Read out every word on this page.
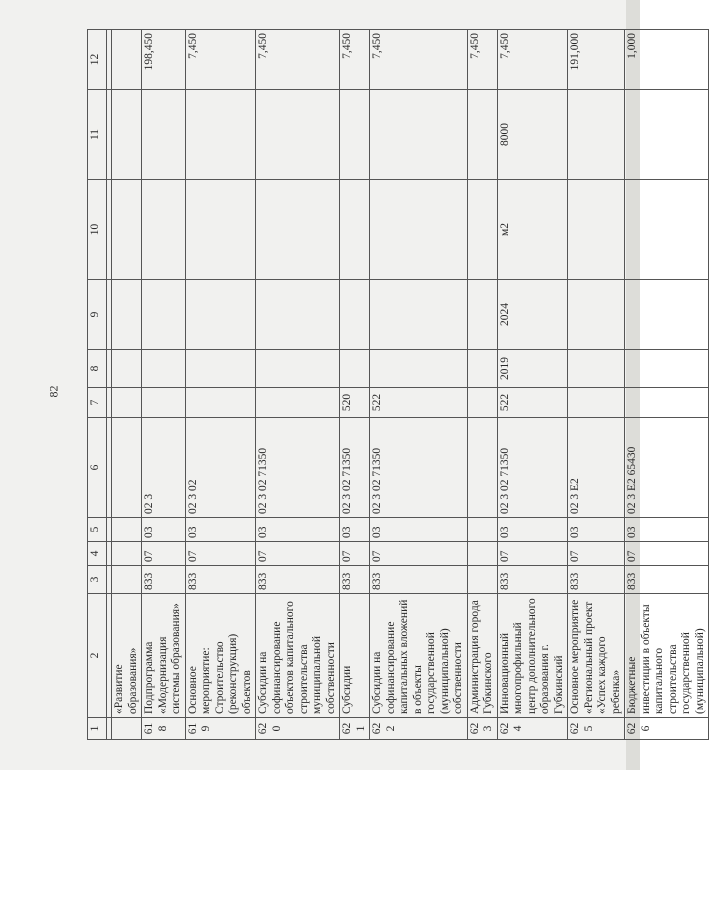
82
1	2	3	4	5	6	7	8	9	10	11	12

	«Развитие образования»										
618	Подпрограмма «Модернизация системы образования»	833	07	03	02 3						198,450
619	Основное мероприятие: Строительство (реконструкция) объектов	833	07	03	02 3 02						7,450
620	Субсидии на софинансирование объектов капитального строительства муниципальной собственности	833	07	03	02 3 02 71350						7,450
621	Субсидии	833	07	03	02 3 02 71350	520					7,450
622	Субсидии на софинансирование капитальных вложений в объекты государственной (муниципальной) собственности	833	07	03	02 3 02 71350	522					7,450
623	Администрация города Губкинского										7,450
624	Инновационный многопрофильный центр дополнительного образования г. Губкинский	833	07	03	02 3 02 71350	522	2019	2024	м2	8000	7,450
625	Основное мероприятие «Региональный проект «Успех каждого ребенка»	833	07	03	02 3 E2						191,000
626	Бюджетные инвестиции в объекты капитального строительства государственной (муниципальной)	833	07	03	02 3 E2 65430						1,000
